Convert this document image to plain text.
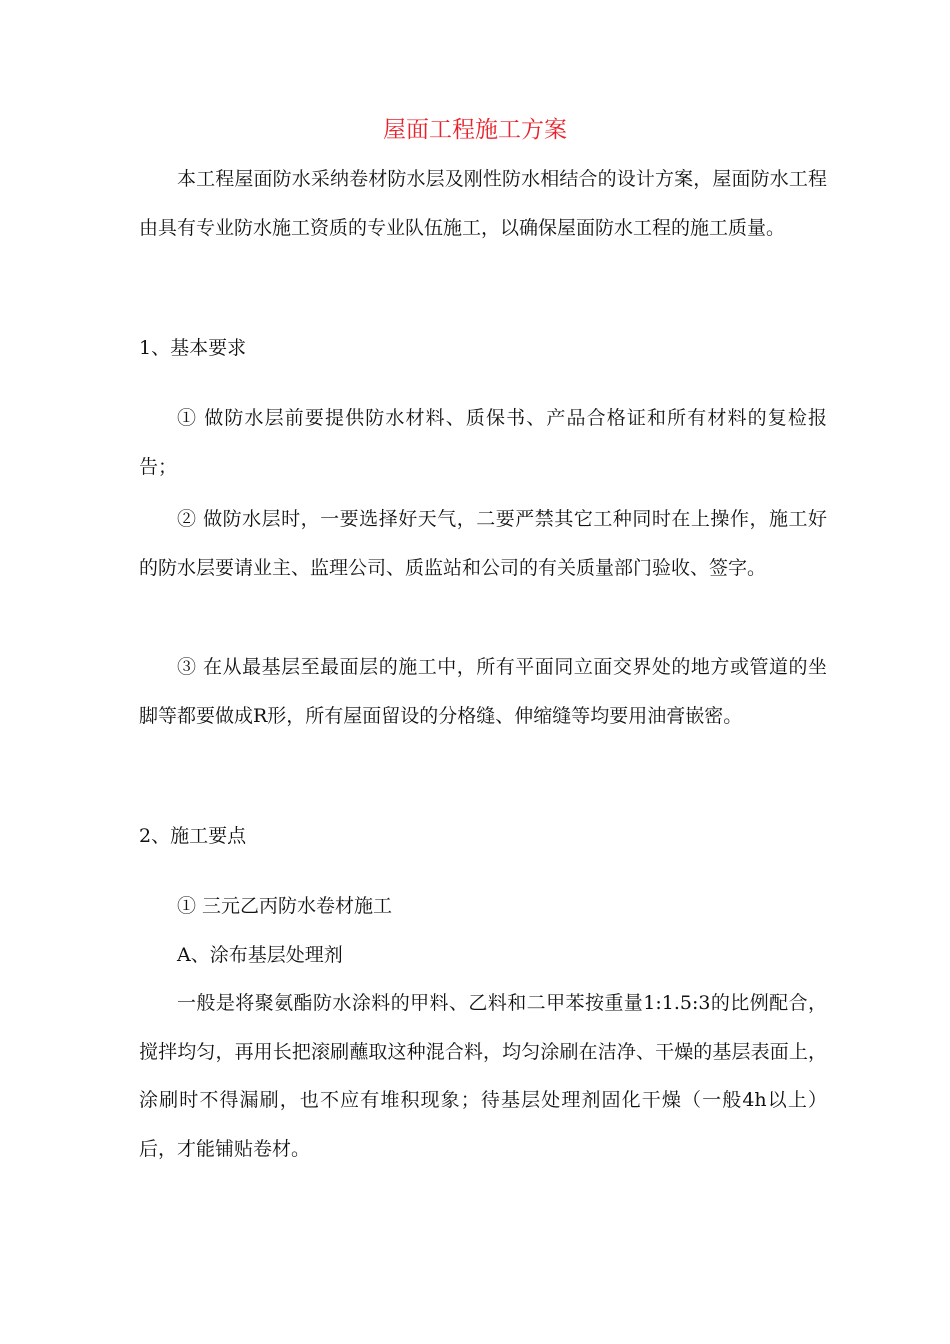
屋面工程施工方案

本工程屋面防水采纳卷材防水层及刚性防水相结合的设计方案，屋面防水工程由具有专业防水施工资质的专业队伍施工，以确保屋面防水工程的施工质量。

1、基本要求

① 做防水层前要提供防水材料、质保书、产品合格证和所有材料的复检报告；

② 做防水层时，一要选择好天气，二要严禁其它工种同时在上操作，施工好的防水层要请业主、监理公司、质监站和公司的有关质量部门验收、签字。

③ 在从最基层至最面层的施工中，所有平面同立面交界处的地方或管道的坐脚等都要做成R形，所有屋面留设的分格缝、伸缩缝等均要用油膏嵌密。

2、施工要点

① 三元乙丙防水卷材施工

A、涂布基层处理剂

一般是将聚氨酯防水涂料的甲料、乙料和二甲苯按重量1:1.5:3的比例配合，搅拌均匀，再用长把滚刷蘸取这种混合料，均匀涂刷在洁净、干燥的基层表面上，涂刷时不得漏刷，也不应有堆积现象；待基层处理剂固化干燥（一般4h以上）后，才能铺贴卷材。
